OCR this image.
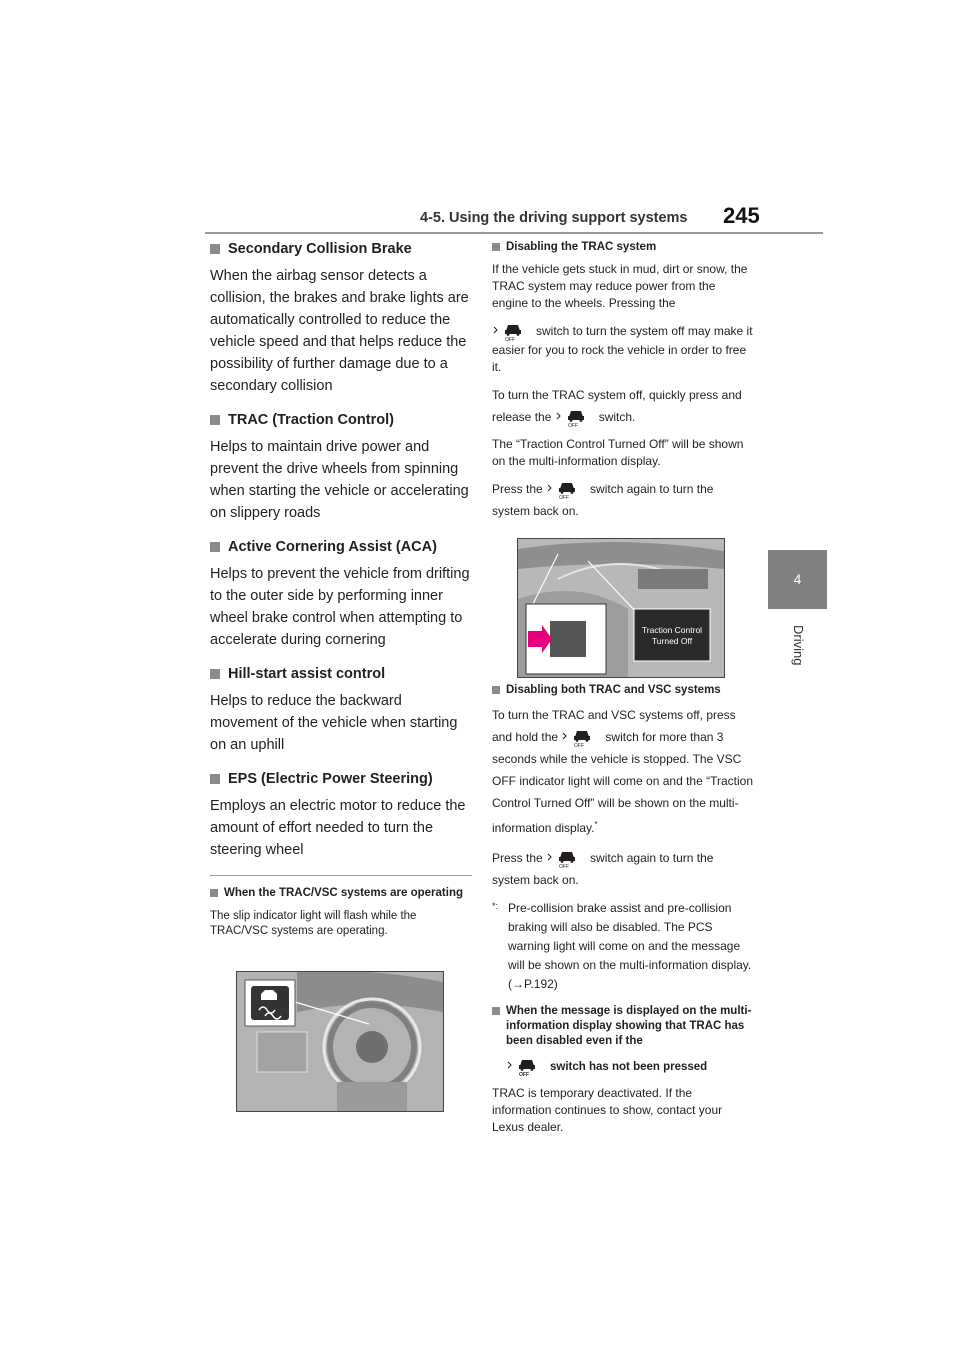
4-5. Using the driving support systems 245
4
Driving
Secondary Collision Brake

When the airbag sensor detects a collision, the brakes and brake lights are automatically controlled to reduce the vehicle speed and that helps reduce the possibility of further damage due to a secondary collision

TRAC (Traction Control)

Helps to maintain drive power and prevent the drive wheels from spinning when starting the vehicle or accelerating on slippery roads

Active Cornering Assist (ACA)

Helps to prevent the vehicle from drifting to the outer side by performing inner wheel brake control when attempting to accelerate during cornering

Hill-start assist control

Helps to reduce the backward movement of the vehicle when starting on an uphill

EPS (Electric Power Steering)

Employs an electric motor to reduce the amount of effort needed to turn the steering wheel

When the TRAC/VSC systems are operating
The slip indicator light will flash while the TRAC/VSC systems are operating.
Disabling the TRAC system

If the vehicle gets stuck in mud, dirt or snow, the TRAC system may reduce power from the engine to the wheels. Pressing the

switch to turn the system off may make it easier for you to rock the vehicle in order to free it.

To turn the TRAC system off, quickly press and release the	switch.

The “Traction Control Turned Off” will be shown on the multi-information display.

Press the	switch again to turn the system back on.

Traction Control Turned Off
Disabling both TRAC and VSC systems

To turn the TRAC and VSC systems off, press and hold the	switch for more than 3 seconds while the vehicle is stopped. The VSC OFF indicator light will come on and the “Traction Control Turned Off” will be shown on the multi-information display.*

Press the	switch again to turn the system back on.

*: Pre-collision brake assist and pre-collision braking will also be disabled. The PCS warning light will come on and the message will be shown on the multi-information display. (→P.192)
When the message is displayed on the multi-information display showing that TRAC has been disabled even if the

switch has not been pressed

TRAC is temporary deactivated. If the information continues to show, contact your Lexus dealer.
